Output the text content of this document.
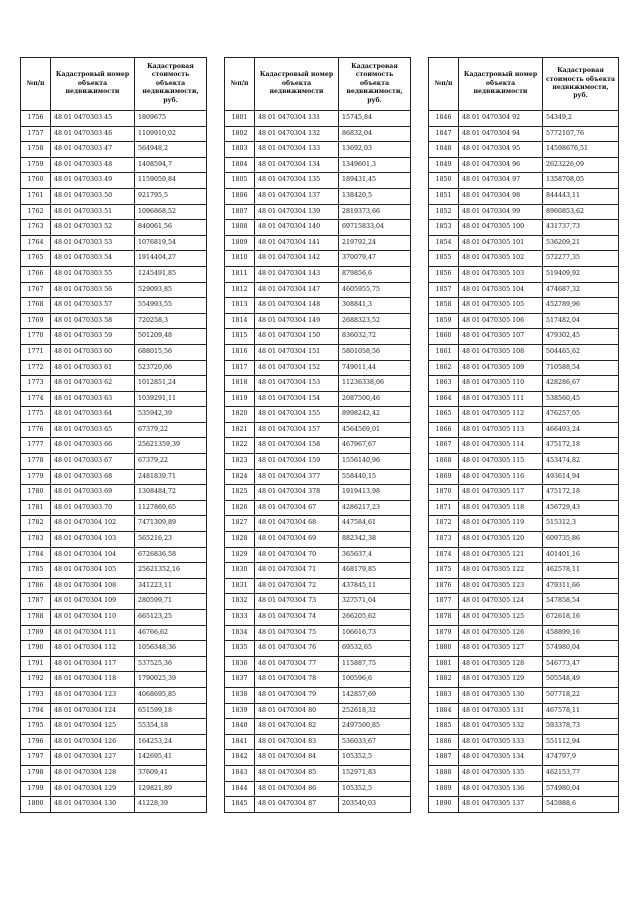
№п/п	Кадастровый номер объекта недвижимости	Кадастровая стоимость объекта недвижимости, руб.
1756	48 01 0470303 45	1809675
1757	48 01 0470303 46	1109910,02
1758	48 01 0470303 47	564948,2
1759	48 01 0470303 48	1408594,7
1760	48 01 0470303 49	1159059,84
1761	48 01 0470303 50	921795,5
1762	48 01 0470303 51	1096868,52
1763	48 01 0470303 52	840061,56
1764	48 01 0470303 53	1076819,54
1765	48 01 0470303 54	1914404,27
1766	48 01 0470303 55	1245491,85
1767	48 01 0470303 56	529093,85
1768	48 01 0470303 57	554993,55
1769	48 01 0470303 58	720258,3
1770	48 01 0470303 59	501209,48
1771	48 01 0470303 60	688015,56
1772	48 01 0470303 61	523720,06
1773	48 01 0470303 62	1012851,24
1774	48 01 0470303 63	1039291,11
1775	48 01 0470303 64	535942,39
1776	48 01 0470303 65	67379,22
1777	48 01 0470303 66	25621359,39
1778	48 01 0470303 67	67379,22
1779	48 01 0470303 68	2481839,71
1780	48 01 0470303 69	1308484,72
1781	48 01 0470303 70	1127869,65
1782	48 01 0470304 102	7471309,89
1783	48 01 0470304 103	565216,23
1784	48 01 0470304 104	6726836,58
1785	48 01 0470304 105	25621352,16
1786	48 01 0470304 108	341223,11
1787	48 01 0470304 109	280599,71
1788	48 01 0470304 110	665123,25
1789	48 01 0470304 111	46766,62
1790	48 01 0470304 112	1056348,36
1791	48 01 0470304 117	537525,36
1792	48 01 0470304 118	1790025,39
1793	48 01 0470304 123	4068695,85
1794	48 01 0470304 124	651599,18
1795	48 01 0470304 125	55354,18
1796	48 01 0470304 126	164253,24
1797	48 01 0470304 127	142695,41
1798	48 01 0470304 128	37609,41
1799	48 01 0470304 129	129821,89
1800	48 01 0470304 130	41228,39
№п/п	Кадастровый номер объекта недвижимости	Кадастровая стоимость объекта недвижимости, руб.
1801	48 01 0470304 131	15745,84
1802	48 01 0470304 132	86832,04
1803	48 01 0470304 133	13692,03
1804	48 01 0470304 134	1349601,3
1805	48 01 0470304 135	189431,45
1806	48 01 0470304 137	138420,5
1807	48 01 0470304 139	2819373,66
1808	48 01 0470304 140	69715833,04
1809	48 01 0470304 141	219792,24
1810	48 01 0470304 142	370079,47
1811	48 01 0470304 143	879856,6
1812	48 01 0470304 147	4605955,75
1813	48 01 0470304 148	308841,3
1814	48 01 0470304 149	2688323,52
1815	48 01 0470304 150	836032,72
1816	48 01 0470304 151	5801058,56
1817	48 01 0470304 152	749011,44
1818	48 01 0470304 153	11236338,06
1819	48 01 0470304 154	2087500,46
1820	48 01 0470304 155	8998242,42
1821	48 01 0470304 157	4564569,01
1822	48 01 0470304 158	467967,67
1823	48 01 0470304 159	1556140,96
1824	48 01 0470304 377	558440,15
1825	48 01 0470304 378	1919413,98
1826	48 01 0470304 67	4286217,23
1827	48 01 0470304 68	447584,61
1828	48 01 0470304 69	882342,38
1829	48 01 0470304 70	365637,4
1830	48 01 0470304 71	468179,85
1831	48 01 0470304 72	437845,11
1832	48 01 0470304 73	327571,04
1833	48 01 0470304 74	266205,62
1834	48 01 0470304 75	106616,73
1835	48 01 0470304 76	69532,65
1836	48 01 0470304 77	115887,75
1837	48 01 0470304 78	100596,6
1838	48 01 0470304 79	142857,69
1839	48 01 0470304 80	252618,32
1840	48 01 0470304 82	2497500,85
1841	48 01 0470304 83	536033,67
1842	48 01 0470304 84	105352,5
1843	48 01 0470304 85	152971,83
1844	48 01 0470304 86	105352,5
1845	48 01 0470304 87	203540,03
№п/п	Кадастровый номер объекта недвижимости	Кадастровая стоимость объекта недвижимости, руб.
1846	48 01 0470304 92	54349,2
1847	48 01 0470304 94	5772107,76
1848	48 01 0470304 95	14598676,51
1849	48 01 0470304 96	2623226,09
1850	48 01 0470304 97	1358708,05
1851	48 01 0470304 98	844443,11
1852	48 01 0470304 99	8960853,62
1853	48 01 0470305 100	431737,73
1854	48 01 0470305 101	536209,21
1855	48 01 0470305 102	572277,35
1856	48 01 0470305 103	519409,92
1857	48 01 0470305 104	474687,32
1858	48 01 0470305 105	452789,96
1859	48 01 0470305 106	517482,04
1860	48 01 0470305 107	479302,45
1861	48 01 0470305 108	504465,62
1862	48 01 0470305 109	710588,54
1863	48 01 0470305 110	428286,67
1864	48 01 0470305 111	538560,45
1865	48 01 0470305 112	476257,05
1866	48 01 0470305 113	466493,24
1867	48 01 0470305 114	475172,18
1868	48 01 0470305 115	453474,82
1869	48 01 0470305 116	493614,94
1870	48 01 0470305 117	475172,18
1871	48 01 0470305 118	456729,43
1872	48 01 0470305 119	515312,3
1873	48 01 0470305 120	609735,86
1874	48 01 0470305 121	401401,16
1875	48 01 0470305 122	462578,11
1876	48 01 0470305 123	479311,66
1877	48 01 0470305 124	547858,54
1878	48 01 0470305 125	672618,16
1879	48 01 0470305 126	458899,16
1880	48 01 0470305 127	574980,04
1881	48 01 0470305 128	546773,47
1882	48 01 0470305 129	505548,49
1883	48 01 0470305 130	507718,22
1884	48 01 0470305 131	467578,11
1885	48 01 0470305 132	593378,73
1886	48 01 0470305 133	551112,94
1887	48 01 0470305 134	474797,9
1888	48 01 0470305 135	462153,77
1889	48 01 0470305 136	574980,04
1890	48 01 0470305 137	545988,6
